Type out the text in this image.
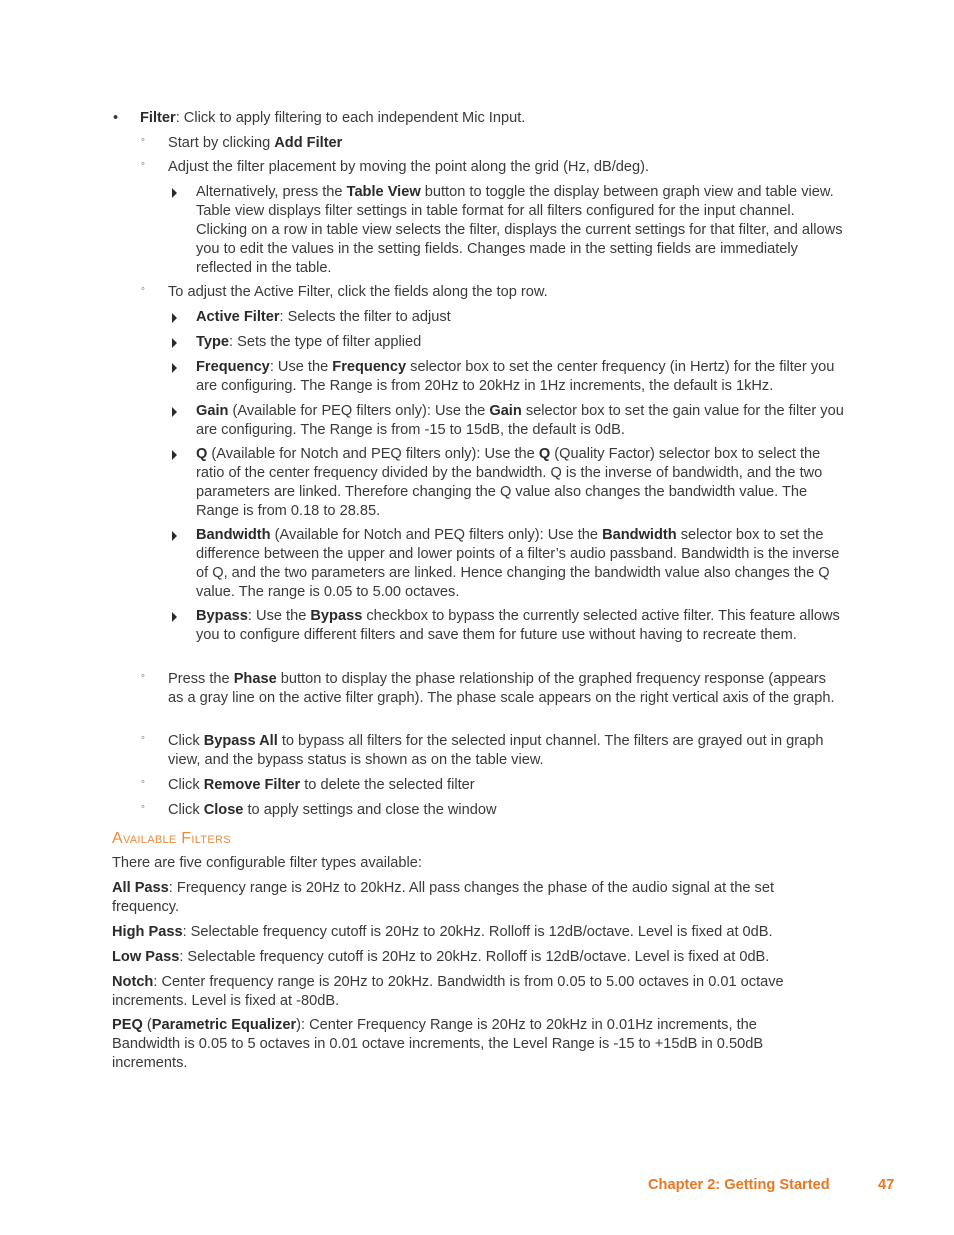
• Filter: Click to apply filtering to each independent Mic Input.
◦ Start by clicking Add Filter
◦ Adjust the filter placement by moving the point along the grid (Hz, dB/deg).
Alternatively, press the Table View button to toggle the display between graph view and table view. Table view displays filter settings in table format for all filters configured for the input channel. Clicking on a row in table view selects the filter, displays the current settings for that filter, and allows you to edit the values in the setting fields. Changes made in the setting fields are immediately reflected in the table.
◦ To adjust the Active Filter, click the fields along the top row.
Active Filter: Selects the filter to adjust
Type: Sets the type of filter applied
Frequency: Use the Frequency selector box to set the center frequency (in Hertz) for the filter you are configuring. The Range is from 20Hz to 20kHz in 1Hz increments, the default is 1kHz.
Gain (Available for PEQ filters only): Use the Gain selector box to set the gain value for the filter you are configuring. The Range is from -15 to 15dB, the default is 0dB.
Q (Available for Notch and PEQ filters only): Use the Q (Quality Factor) selector box to select the ratio of the center frequency divided by the bandwidth. Q is the inverse of bandwidth, and the two parameters are linked. Therefore changing the Q value also changes the bandwidth value. The Range is from 0.18 to 28.85.
Bandwidth (Available for Notch and PEQ filters only): Use the Bandwidth selector box to set the difference between the upper and lower points of a filter’s audio passband. Bandwidth is the inverse of Q, and the two parameters are linked. Hence changing the bandwidth value also changes the Q value. The range is 0.05 to 5.00 octaves.
Bypass: Use the Bypass checkbox to bypass the currently selected active filter. This feature allows you to configure different filters and save them for future use without having to recreate them.
◦ Press the Phase button to display the phase relationship of the graphed frequency response (appears as a gray line on the active filter graph). The phase scale appears on the right vertical axis of the graph.
◦ Click Bypass All to bypass all filters for the selected input channel. The filters are grayed out in graph view, and the bypass status is shown as on the table view.
◦ Click Remove Filter to delete the selected filter
◦ Click Close to apply settings and close the window
Available Filters
There are five configurable filter types available:
All Pass: Frequency range is 20Hz to 20kHz. All pass changes the phase of the audio signal at the set frequency.
High Pass: Selectable frequency cutoff is 20Hz to 20kHz. Rolloff is 12dB/octave. Level is fixed at 0dB.
Low Pass: Selectable frequency cutoff is 20Hz to 20kHz. Rolloff is 12dB/octave. Level is fixed at 0dB.
Notch: Center frequency range is 20Hz to 20kHz. Bandwidth is from 0.05 to 5.00 octaves in 0.01 octave increments. Level is fixed at -80dB.
PEQ (Parametric Equalizer): Center Frequency Range is 20Hz to 20kHz in 0.01Hz increments, the Bandwidth is 0.05 to 5 octaves in 0.01 octave increments, the Level Range is -15 to +15dB in 0.50dB increments.
Chapter 2: Getting Started	47
